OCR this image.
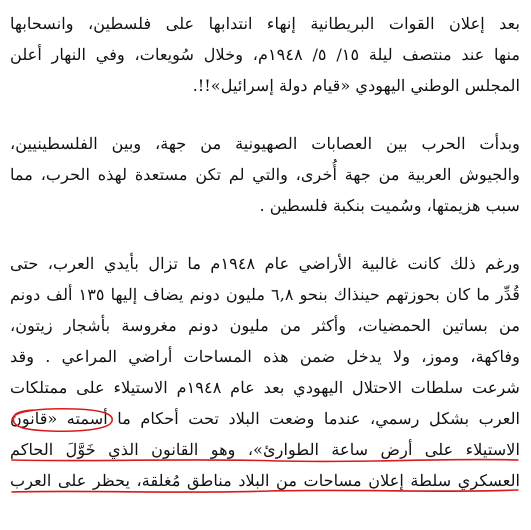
بعد إعلان القوات البريطانية إنهاء انتدابها على فلسطين، وانسحابها
منها عند منتصف ليلة ١٥/ ٥/ ١٩٤٨م، وخلال سُويعات، وفي النهار أعلن
المجلس الوطني اليهودي «قيام دولة إسرائيل»!!.
وبدأت الحرب بين العصابات الصهيونية من جهة، وبين الفلسطينيين،
والجيوش العربية من جهة أُخرى، والتي لم تكن مستعدة لهذه الحرب، مما
سبب هزيمتها، وسُميت بنكبة فلسطين .
ورغم ذلك كانت غالبية الأراضي عام ١٩٤٨م ما تزال بأيدي العرب، حتى
قُدِّر ما كان بحوزتهم حينذاك بنحو ٦,٨ مليون دونم يضاف إليها ١٣٥ ألف دونم
من بساتين الحمضيات، وأكثر من مليون دونم مغروسة بأشجار زيتون،
وفاكهة، وموز، ولا يدخل ضمن هذه المساحات أراضي المراعي . وقد
شرعت سلطات الاحتلال اليهودي بعد عام ١٩٤٨م الاستيلاء على ممتلكات
العرب بشكل رسمي، عندما وضعت البلاد تحت أحكام ما أسمته «قانون
الاستيلاء على أرض ساعة الطوارئ»، وهو القانون الذي خَوَّلَ الحاكم
العسكري سلطة إعلان مساحات من البلاد مناطق مُغلقة، يحظر على العرب
